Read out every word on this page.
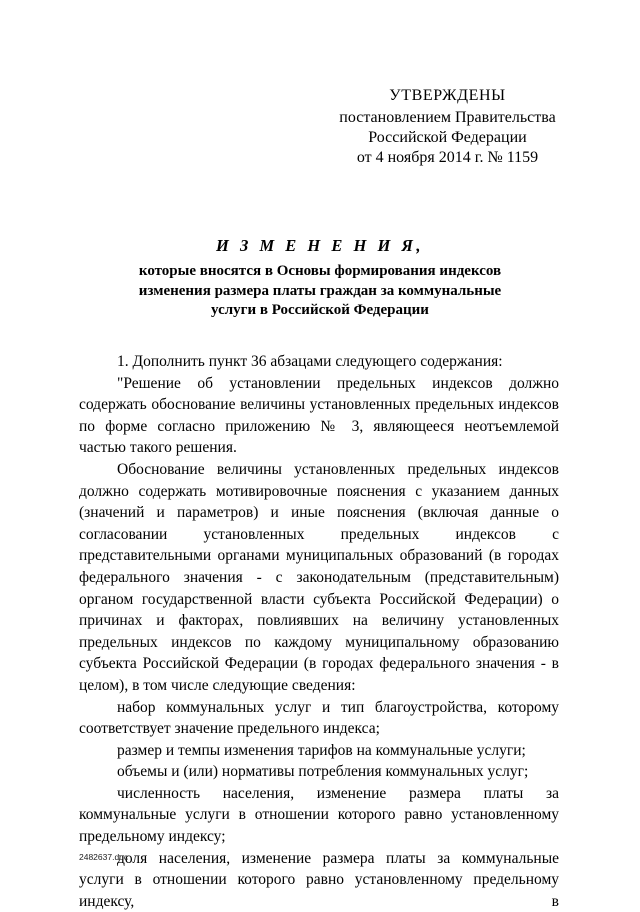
УТВЕРЖДЕНЫ
постановлением Правительства
Российской Федерации
от 4 ноября 2014 г. № 1159
И З М Е Н Е Н И Я,
которые вносятся в Основы формирования индексов
изменения размера платы граждан за коммунальные
услуги в Российской Федерации

1. Дополнить пункт 36 абзацами следующего содержания:

"Решение об установлении предельных индексов должно содержать обоснование величины установленных предельных индексов по форме согласно приложению № 3, являющееся неотъемлемой частью такого решения.

Обоснование величины установленных предельных индексов должно содержать мотивировочные пояснения с указанием данных (значений и параметров) и иные пояснения (включая данные о согласовании установленных предельных индексов с представительными органами муниципальных образований (в городах федерального значения - с законодательным (представительным) органом государственной власти субъекта Российской Федерации) о причинах и факторах, повлиявших на величину установленных предельных индексов по каждому муниципальному образованию субъекта Российской Федерации (в городах федерального значения - в целом), в том числе следующие сведения:

набор коммунальных услуг и тип благоустройства, которому соответствует значение предельного индекса;

размер и темпы изменения тарифов на коммунальные услуги;

объемы и (или) нормативы потребления коммунальных услуг;

численность населения, изменение размера платы за коммунальные услуги в отношении которого равно установленному предельному индексу;

доля населения, изменение размера платы за коммунальные услуги в отношении которого равно установленному предельному индексу, в

2482637.doc
